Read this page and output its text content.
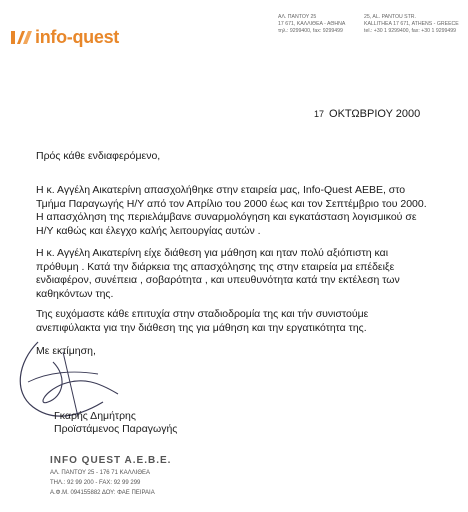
info-quest
ΑΛ. ΠΑΝΤΟΥ 25
17 671, ΚΑΛΛΙΘΕΑ - ΑΘΗΝΑ
τηλ.: 9299400, fax: 9299499
25, AL. PANTOU STR.
KALLITHEA 17 671, ATHENS - GREECE
tel.: +30 1 9299400, fax: +30 1 9299499
17 ΟΚΤΩΒΡΙΟΥ 2000
Πρός κάθε ενδιαφερόμενο,
Η κ. Αγγέλη Αικατερίνη απασχολήθηκε στην εταιρεία μας, Info-Quest ΑΕΒΕ, στο
Τμήμα Παραγωγής Η/Υ από τον Απρίλιο του 2000 έως και τον Σεπτέμβριο του 2000.
Η απασχόληση της περιελάμβανε συναρμολόγηση και εγκατάσταση λογισμικού σε
Η/Υ καθώς και έλεγχο καλής λειτουργίας αυτών .
Η κ. Αγγέλη Αικατερίνη είχε διάθεση για μάθηση και ηταν πολύ αξιόπιστη και
πρόθυμη . Κατά την διάρκεια της απασχόλησης της στην εταιρεία μα επέδειξε
ενδιαφέρον, συνέπεια , σοβαρότητα , και υπευθυνότητα κατά την εκτέλεση των
καθηκόντων της.
Της ευχόμαστε κάθε επιτυχία στην σταδιοδρομία της και τήν συνιστούμε
ανεπιφύλακτα για την διάθεση της για μάθηση και την εργατικότητα της.
Με εκτίμηση,
Γκαρής Δημήτρης
Προϊστάμενος Παραγωγής
INFO QUEST A.E.B.E.
ΑΛ. ΠΑΝΤΟΥ 25 - 176 71 ΚΑΛΛΙΘΕΑ
ΤΗΛ.: 92 99 200 - FAX: 92 99 299
Α.Φ.Μ. 094155882 ΔΟΥ: ΦΑΕ ΠΕΙΡΑΙΑ
